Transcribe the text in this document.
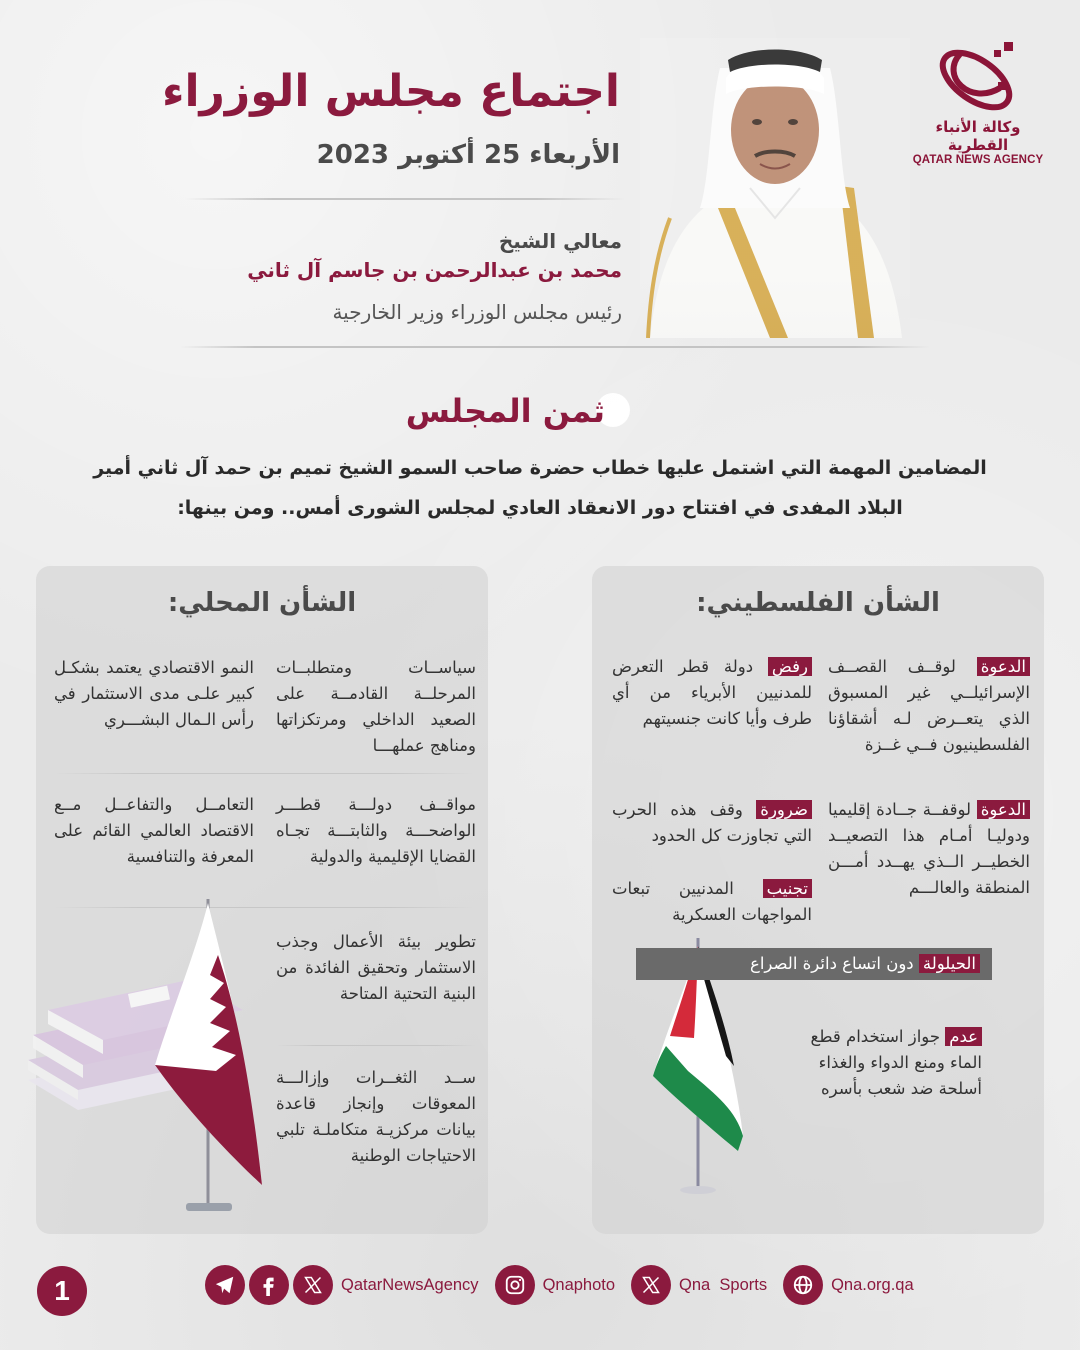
وكالة الأنباء القطرية
QATAR NEWS AGENCY
اجتماع مجلس الوزراء
الأربعاء 25 أكتوبر 2023
معالي الشيخ
محمد بن عبدالرحمن بن جاسم آل ثاني
رئيس مجلس الوزراء وزير الخارجية
ثمن المجلس
المضامين المهمة التي اشتمل عليها خطاب حضرة صاحب السمو الشيخ تميم بن حمد آل ثاني أمير
البلاد المفدى في افتتاح دور الانعقاد العادي لمجلس الشورى أمس.. ومن بينها:
الشأن الفلسطيني:
الدعوة لوقــف القصــف الإسرائيلــي غير المسبوق الذي يتعــرض لـه أشقاؤنا الفلسطينيون فــي غــزة
رفض دولة قطر التعرض للمدنيين الأبرياء من أي طرف وأيا كانت جنسيتهم
الدعوة لوقفــة جــادة إقليميا ودوليـا أمـام هذا التصعيــد الخطيــر الــذي يهــدد أمـــن المنطقة والعالـــم
ضرورة وقف هذه الحرب التي تجاوزت كل الحدود
تجنيب المدنيين تبعات المواجهات العسكرية
الحيلولة دون اتساع دائرة الصراع
عدم جواز استخدام قطع الماء ومنع الدواء والغذاء أسلحة ضد شعب بأسره
الشأن المحلي:
سياســات ومتطلبــات المرحلــة القادمــة على الصعيد الداخلي ومرتكزاتها ومناهج عملهـــا
النمو الاقتصادي يعتمد بشكـل كبير علـى مدى الاستثمار في رأس الـمال البشـــري
مواقــف دولـــة قطـــر الواضحـــة والثابتـــة تجـاه القضايا الإقليمية والدولية
التعامــل والتفاعــل مــع الاقتصاد العالمي القائم على المعرفة والتنافسية
تطوير بيئة الأعمال وجذب الاستثمار وتحقيق الفائدة من البنية التحتية المتاحة
ســد الثغــرات وإزالـــة المعوقات وإنجاز قاعدة بيانات مركزيـة متكاملـة تلبي الاحتياجات الوطنية
1	QatarNewsAgency	Qnaphoto	Qna  Sports	Qna.org.qa
